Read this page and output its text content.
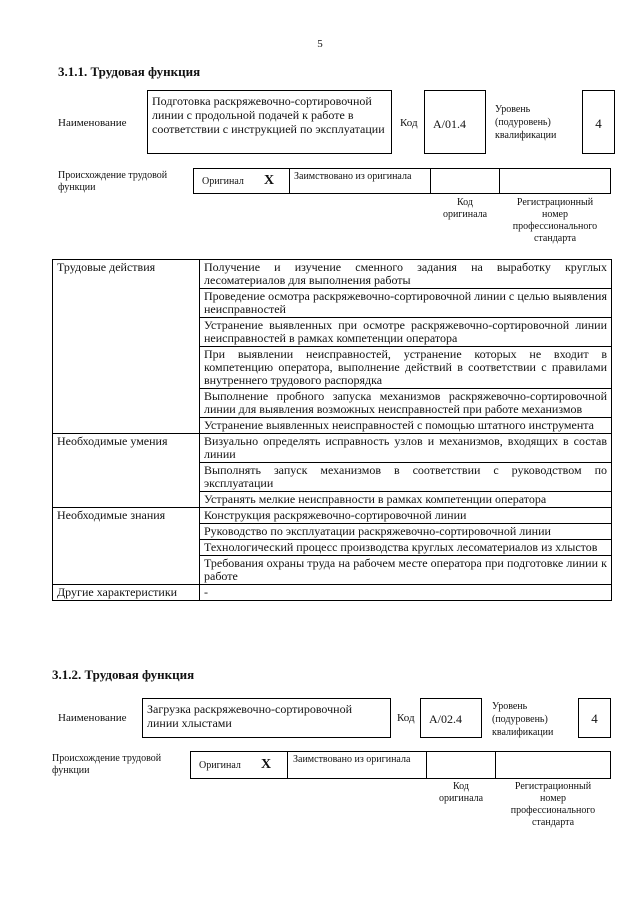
5
3.1.1. Трудовая функция
Наименование
Подготовка раскряжевочно-сортировочной линии с продольной подачей к работе в соответствии с инструкцией по эксплуатации	Код	A/01.4
Уровень (подуровень) квалификации
4
Происхождение трудовой функции
Оригинал X	Заимствовано из оригинала
Код оригинала
Регистрационный номер профессионального стандарта
Трудовые действия	Получение и изучение сменного задания на выработку круглых лесоматериалов для выполнения работы
	Проведение осмотра раскряжевочно-сортировочной линии с целью выявления неисправностей
	Устранение выявленных при осмотре раскряжевочно-сортировочной линии неисправностей в рамках компетенции оператора
	При выявлении неисправностей, устранение которых не входит в компетенцию оператора, выполнение действий в соответствии с правилами внутреннего трудового распорядка
	Выполнение пробного запуска механизмов раскряжевочно-сортировочной линии для выявления возможных неисправностей при работе механизмов
	Устранение выявленных неисправностей с помощью штатного инструмента
Необходимые умения	Визуально определять исправность узлов и механизмов, входящих в состав линии
	Выполнять запуск механизмов в соответствии с руководством по эксплуатации
	Устранять мелкие неисправности в рамках компетенции оператора
Необходимые знания	Конструкция раскряжевочно-сортировочной линии
	Руководство по эксплуатации раскряжевочно-сортировочной линии
	Технологический процесс производства круглых лесоматериалов из хлыстов
	Требования охраны труда на рабочем месте оператора при подготовке линии к работе
Другие характеристики	-
3.1.2. Трудовая функция
Наименование
Загрузка раскряжевочно-сортировочной линии хлыстами	Код	A/02.4
Уровень (подуровень) квалификации
4
Происхождение трудовой функции	Оригинал X	Заимствовано из оригинала
Код оригинала
Регистрационный номер профессионального стандарта
